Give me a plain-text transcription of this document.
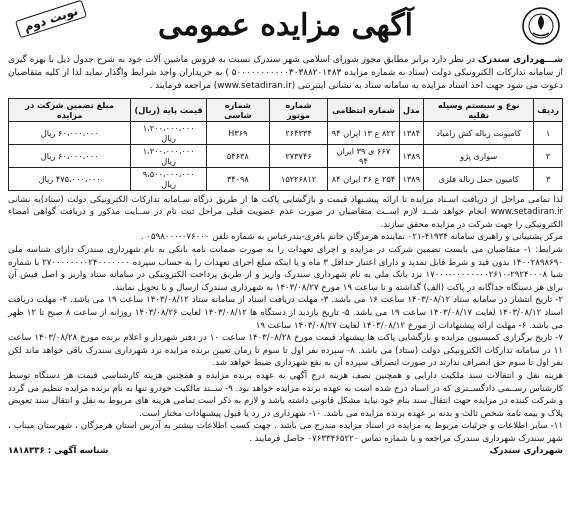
آگهی مزایده عمومی
نوبت دوم
شـــهرداری سندرک در نظر دارد برابر مطابق مجوز شورای اسلامی شهر سندرک نسبت به فروش ماشین آلات خود به شرح جدول ذیل با بهره گیری از سامانه تدارکات الکترونیکی دولت (ستاد به شماره مزایده ۵۰۰۰۰۰۰۰۰۰۰۰۳۰۳۸۸۲۰۱۴۸۳ ) به خریداران واجد شرایط واگذار نماید لذا از کلیه متقاضیان دعوت می شود جهت اخذ اسناد مزایده به سامانه ستاد به نشانی اینترنتی (www.setadiran.ir) مراجعه فرمایند .
ردیف	نوع و سیستم وسیله نقلیه	مدل	شماره انتظامی	شماره موتور	شماره شاسی	قیمت پایه (ریال)	مبلغ تضمین شرکت در مزایده
۱	کامیونت زباله کش زامیاد	۱۳۸۴	۸۲۲ ع ۱۳ ایران ۹۴	۲۶۴۳۳۴	H۳۶۹	۱،۲۰۰،۰۰۰،۰۰۰ ریال	۶۰،۰۰۰،۰۰۰ ریال
۲	سواری پژو	۱۳۸۹	۶۶۷ ی ۳۹ ایران ۹۴	۲۷۳۷۴۶	۵۴۶۳۸	۱،۲۰۰،۰۰۰،۰۰۰ ریال	۶۰،۰۰۰،۰۰۰ ریال
۳	کامیون حمل زباله فلزی	۱۳۸۹	۲۵۴ ع ۳۶ ایران ۸۴	۱۵۲۲۶۸۱۲	۳۴۰۹۸	۹،۵۰۰،۰۰۰،۰۰۰ ریال	۴۷۵،۰۰۰،۰۰۰ ریال

لذا تمامی مراحل از دریافت اسـناد مزایده تا ارائه پیشـنهاد قیمت و بازگشایی پاکت ها از طریق درگاه سـامانه تدارکات الکترونیکی دولت (ستاد)به نشانی www.setadiran.ir انجام خواهد شــد لازم اســت متقاضیان در صورت عدم عضویت قبلی مراحل ثبت نام در ســایت مذکور و دریافت گواهی امضاء الکترونیکی را جهت شرکت در مزایده محقق سازند.

مرکز پشتیبانی و راهبری سامانه ۴۱۹۳۴-۰۲۱ نماینده هرمزگان خانم باقری-بندرعباس به شماره تلفن ۰۷۶۰۰۰-۰۵۹۸۰۰۰ .

شرایط: ۱- متقاضیان می بایست تضمین شرکت در مزایده و اجرای تعهدات را به صورت ضمانت نامه بانکی به نام شهرداری سندرک دارای شناسه ملی ۱۴۰۰۲۸۹۸۶۹۰ بدون قید و شرط قابل تمدید و دارای اعتبار حداقل ۳ ماه و یا اینکه مبلغ اجرای تعهدات را به حساب سپرده ۲۷۰۰۰۰۰۰۰۰۲۴۰۰۰۰۰۰۰ با شماره شبا ۲۹۲۴۰۰۰۸-۰۰۰۰۰۰۰۰۲۶۱۰-۱۷۰۰۰ نزد بانک ملی به نام شهرداری سندرک واریز و از طریق پرداخت الکترونیکی در سامانه ستاد واریز و اصل فیش آن برای هر دستگاه جداگانه در پاکت (الف) گذاشته و تا ساعت ۱۹ مورخ ۱۴۰۳/۰۸/۲۷ به شهرداری سندرک ارسال و یا تحویل نمایند.

۲- تاریخ انتشار در سامانه ستاد ۱۴۰۳/۰۸/۱۲ ساعت ۱۶ می باشد. ۳- مهلت دریافت اسناد از سامانه ستاد ۱۴۰۳/۰۸/۱۲ ساعت ۱۹ می باشد. ۴- مهلت دریافت اسناد ۱۴۰۳/۰۸/۱۲ لغایت ۱۴۰۳/۰۸/۱۷ ساعت ۱۹ می باشد. ۵- تاریخ بازدید از دستگاه ها ۱۴۰۳/۰۸/۱۲ لغایت ۱۴۰۳/۰۸/۲۶ روزانه از ساعت ۸ صبح تا ۱۲ ظهر می باشد. ۶- مهلت ارائه پیشنهادات از مورخ ۱۴۰۳/۰۸/۱۲ لغایت ۱۴۰۳/۰۸/۲۷ ساعت ۱۹

۷- تاریخ برگزاری کمیسیون مزایده و بازگشایی پاکت ها پیشنهاد قیمت مورخ ۱۴۰۳/۰۸/۲۸ ساعت ۱۰ در دفتر شهردار و اعلام برنده مورخ ۱۴۰۳/۰۸/۲۸ ساعت ۱۱ در سامانه تدارکات الکترونیکی دولت (ستاد) می باشد. ۸- سپرده نفر اول تا سوم تا زمان تعیین برنده مزایده نزد شهرداری سندرک باقی خواهد ماند لکن نفر اول تا سوم حق انصراف ندارند در صورت انصراف سپرده آن به نفع شهرداری ضبط خواهد شد.

هزینه نقل و انتقالات سند ملکیت دارایی و همچنین نصف هزینه درج آگهی به عهده برنده مزایده و همچنین هزینه کارشناسی قیمت هر دستگاه توسط کارشناس رســمی دادگســتری که در اسناد درج شده است به عهده برنده مزایده خواهد بود. ۹- ســند مالکیت خودرو تنها به نام برنده مزایده تنظیم می گردد و شرکت کننده در مزایده جهت انتقال سند بنام خود نباید مشکل قانونی داشته باشد و لازم به ذکر است تمامی هزینه های مربوط به نقل و انتقال سند تعویض پلاک و بیمه نامه شخص ثالث و بدنه بر عهده برنده مزایده می باشد. ۱۰- شهرداری در رد یا قبول پیشنهادات مختار است.

۱۱- سایر اطلاعات و جزئیات مربوط به مزایده در اسناد مزایده مندرج می باشد . جهت کسب اطلاعات بیشتر به آدرس استان هرمزگان ، شهرستان میناب ، شهر سندرک شهرداری سندرک مراجعه و یا شماره تماس ۰۷۶۳۳۴۶۵۲۲۰ حاصل فرمایند .

شهرداری سندرک
شناسه آگهی : ۱۸۱۸۳۳۶
